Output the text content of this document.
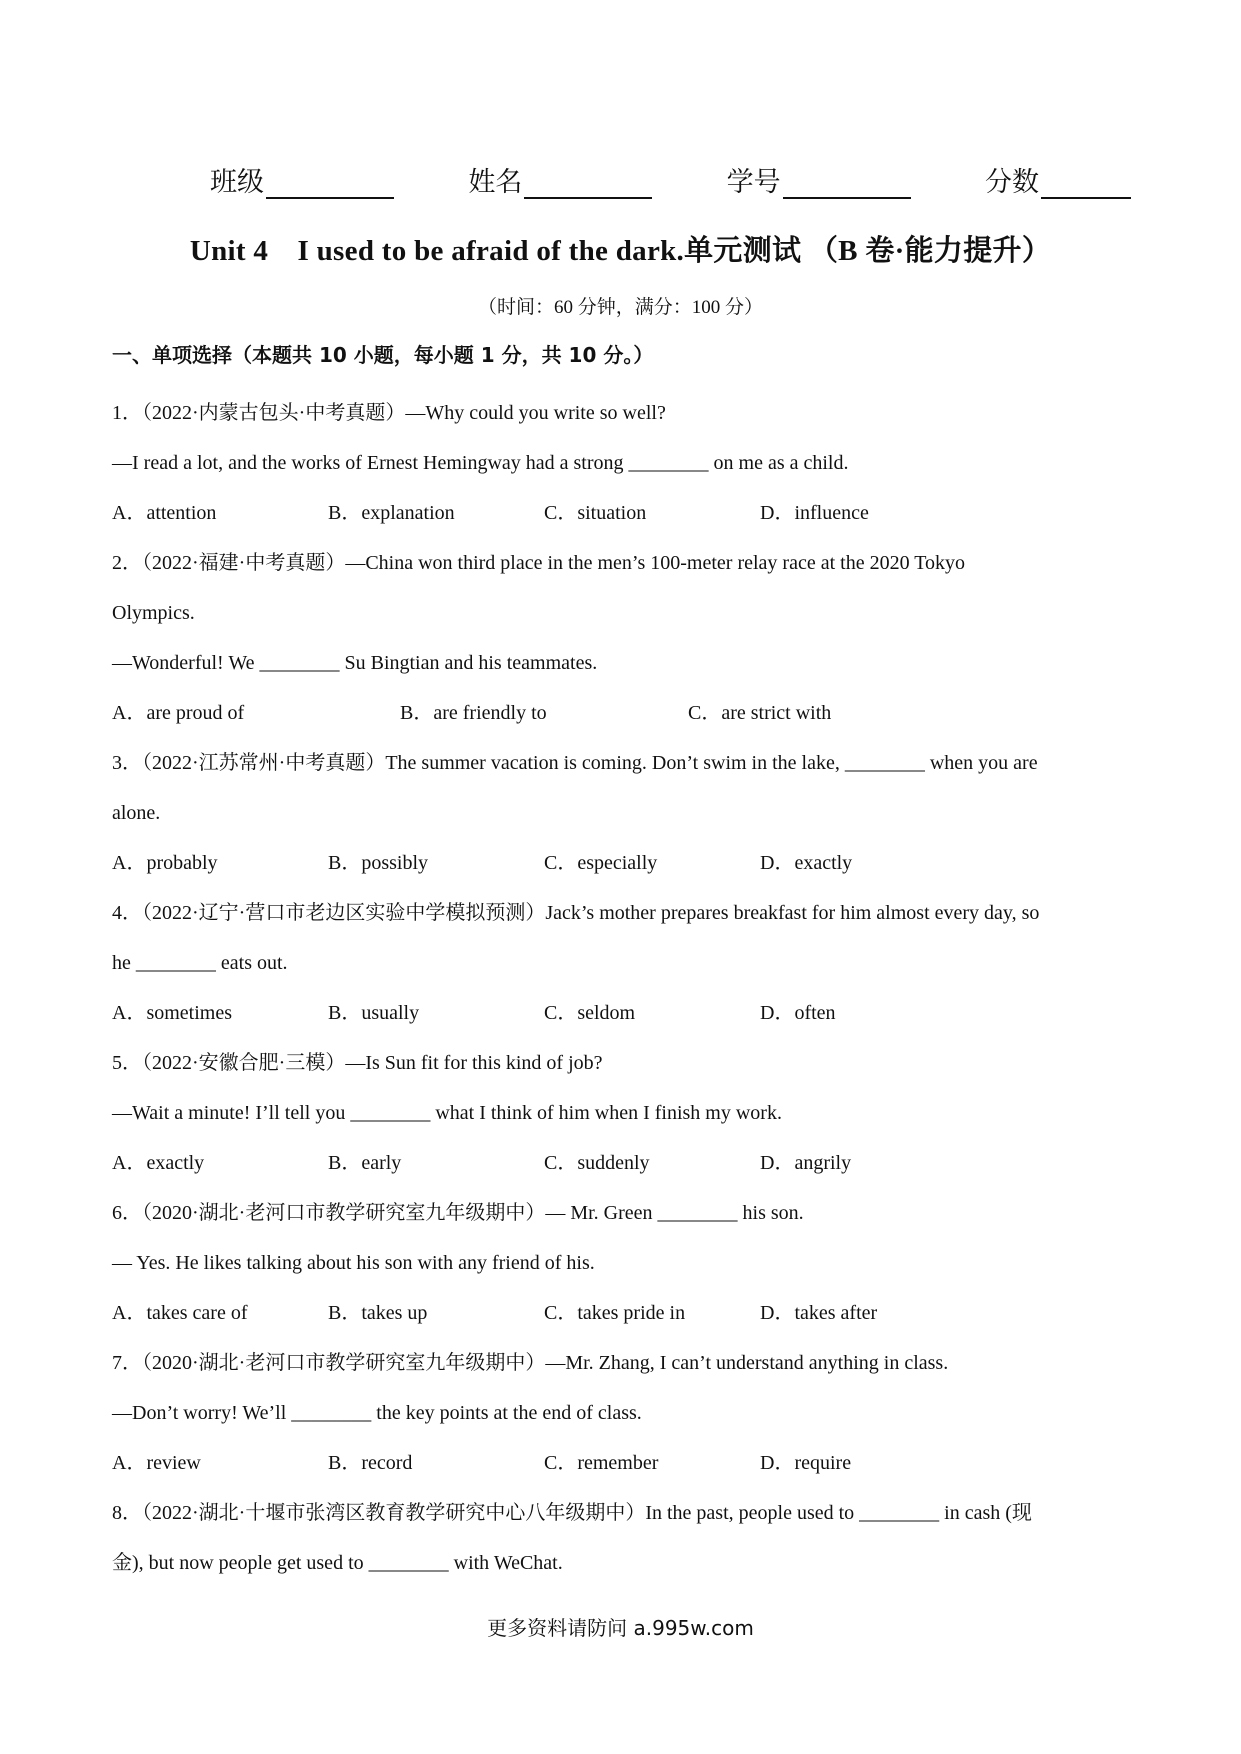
班级	姓名	学号	分数
Unit 4　I used to be afraid of the dark.单元测试 （B 卷·能力提升）
（时间：60 分钟，满分：100 分）
一、单项选择（本题共 10 小题，每小题 1 分，共 10 分。）
1．（2022·内蒙古包头·中考真题）—Why could you write so well?
—I read a lot, and the works of Ernest Hemingway had a strong ________ on me as a child.
A．attention	B．explanation	C．situation	D．influence
2．（2022·福建·中考真题）—China won third place in the men’s 100-meter relay race at the 2020 Tokyo
Olympics.
—Wonderful! We ________ Su Bingtian and his teammates.
A．are proud of	B．are friendly to	C．are strict with
3．（2022·江苏常州·中考真题）The summer vacation is coming. Don’t swim in the lake, ________ when you are
alone.
A．probably	B．possibly	C．especially	D．exactly
4．（2022·辽宁·营口市老边区实验中学模拟预测）Jack’s mother prepares breakfast for him almost every day, so
he ________ eats out.
A．sometimes	B．usually	C．seldom	D．often
5．（2022·安徽合肥·三模）—Is Sun fit for this kind of job?
—Wait a minute! I’ll tell you ________ what I think of him when I finish my work.
A．exactly	B．early	C．suddenly	D．angrily
6．（2020·湖北·老河口市教学研究室九年级期中）— Mr. Green ________ his son.
— Yes. He likes talking about his son with any friend of his.
A．takes care of	B．takes up	C．takes pride in	D．takes after
7．（2020·湖北·老河口市教学研究室九年级期中）—Mr. Zhang, I can’t understand anything in class.
—Don’t worry! We’ll ________ the key points at the end of class.
A．review	B．record	C．remember	D．require
8．（2022·湖北·十堰市张湾区教育教学研究中心八年级期中）In the past, people used to ________ in cash (现
金), but now people get used to ________ with WeChat.
更多资料请防问 a.995w.com
